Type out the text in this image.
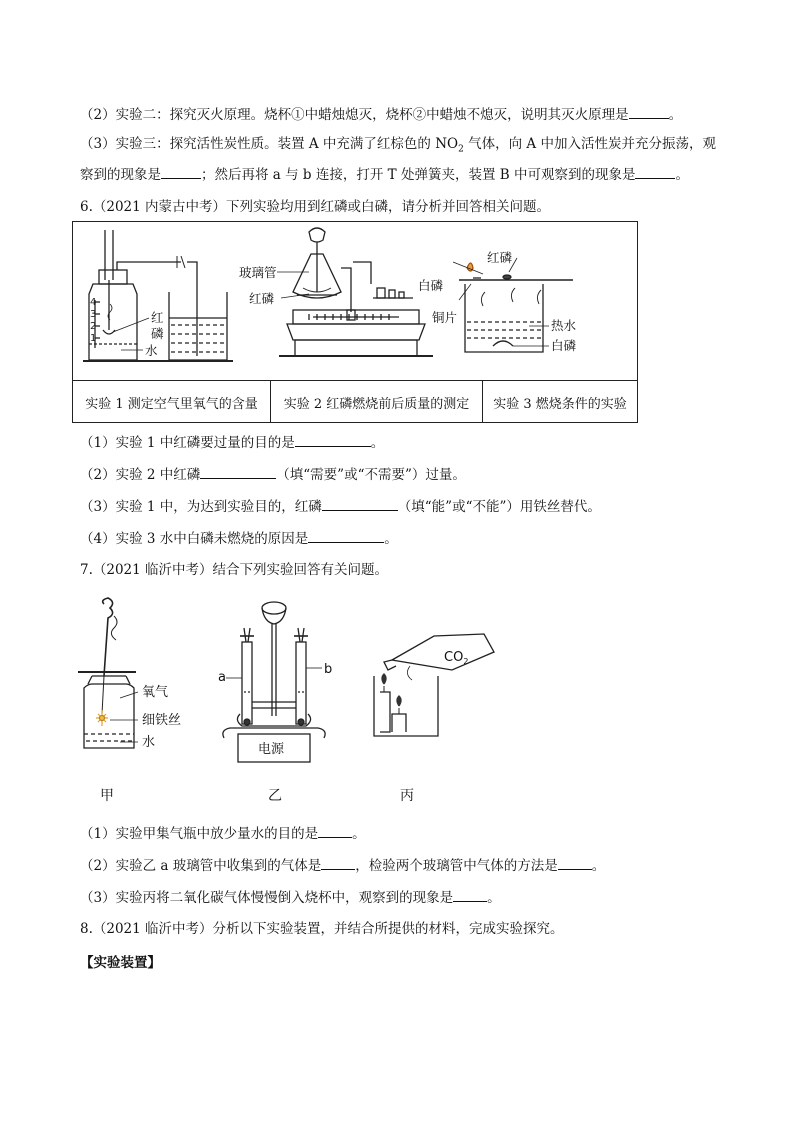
（2）实验二：探究灭火原理。烧杯①中蜡烛熄灭，烧杯②中蜡烛不熄灭，说明其灭火原理是	。
（3）实验三：探究活性炭性质。装置 A 中充满了红棕色的 $NO_2$ 气体，向 A 中加入活性炭并充分振荡，观
察到的现象是	；然后再将 a 与 b 连接，打开 T 处弹簧夹，装置 B 中可观察到的现象是	。
6.（2021 内蒙古中考）下列实验均用到红磷或白磷，请分析并回答相关问题。
4
3
2
1
红
磷
水
玻璃管
红磷
白磷
红磷
铜片
热水
白磷
实验 1 测定空气里氧气的含量	实验 2 红磷燃烧前后质量的测定	实验 3 燃烧条件的实验
（1）实验 1 中红磷要过量的目的是	。
（2）实验 2 中红磷	（填“需要”或“不需要”）过量。
（3）实验 1 中，为达到实验目的，红磷	（填“能”或“不能”）用铁丝替代。
（4）实验 3 水中白磷未燃烧的原因是	。
7.（2021 临沂中考）结合下列实验回答有关问题。
氧气
细铁丝
水
a
b
电源
$CO_2$
甲	乙	丙
（1）实验甲集气瓶中放少量水的目的是	。
（2）实验乙 a 玻璃管中收集到的气体是	，检验两个玻璃管中气体的方法是	。
（3）实验丙将二氧化碳气体慢慢倒入烧杯中，观察到的现象是	。
8.（2021 临沂中考）分析以下实验装置，并结合所提供的材料，完成实验探究。
【实验装置】
